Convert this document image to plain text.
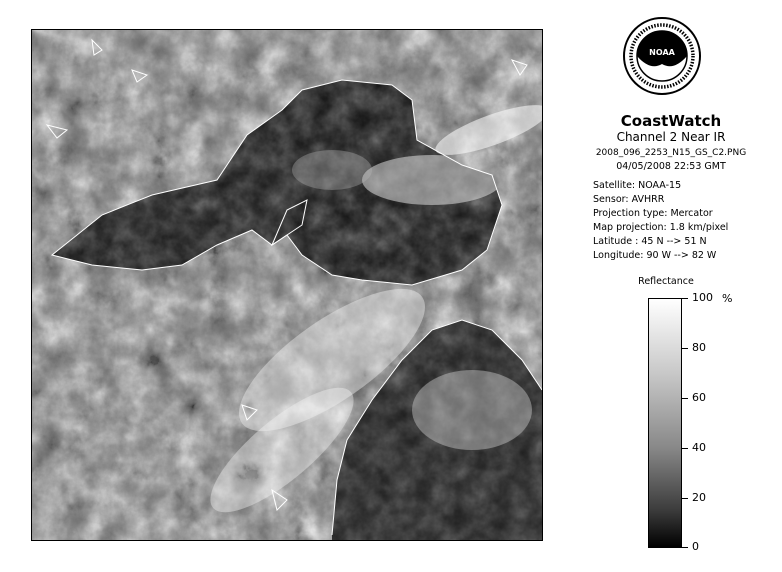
NOAA
CoastWatch
Channel 2 Near IR
2008_096_2253_N15_GS_C2.PNG
04/05/2008 22:53 GMT
Satellite: NOAA-15
Sensor: AVHRR
Projection type: Mercator
Map projection: 1.8 km/pixel
Latitude : 45 N --> 51 N
Longitude: 90 W --> 82 W
Reflectance
%
100
80
60
40
20
0
